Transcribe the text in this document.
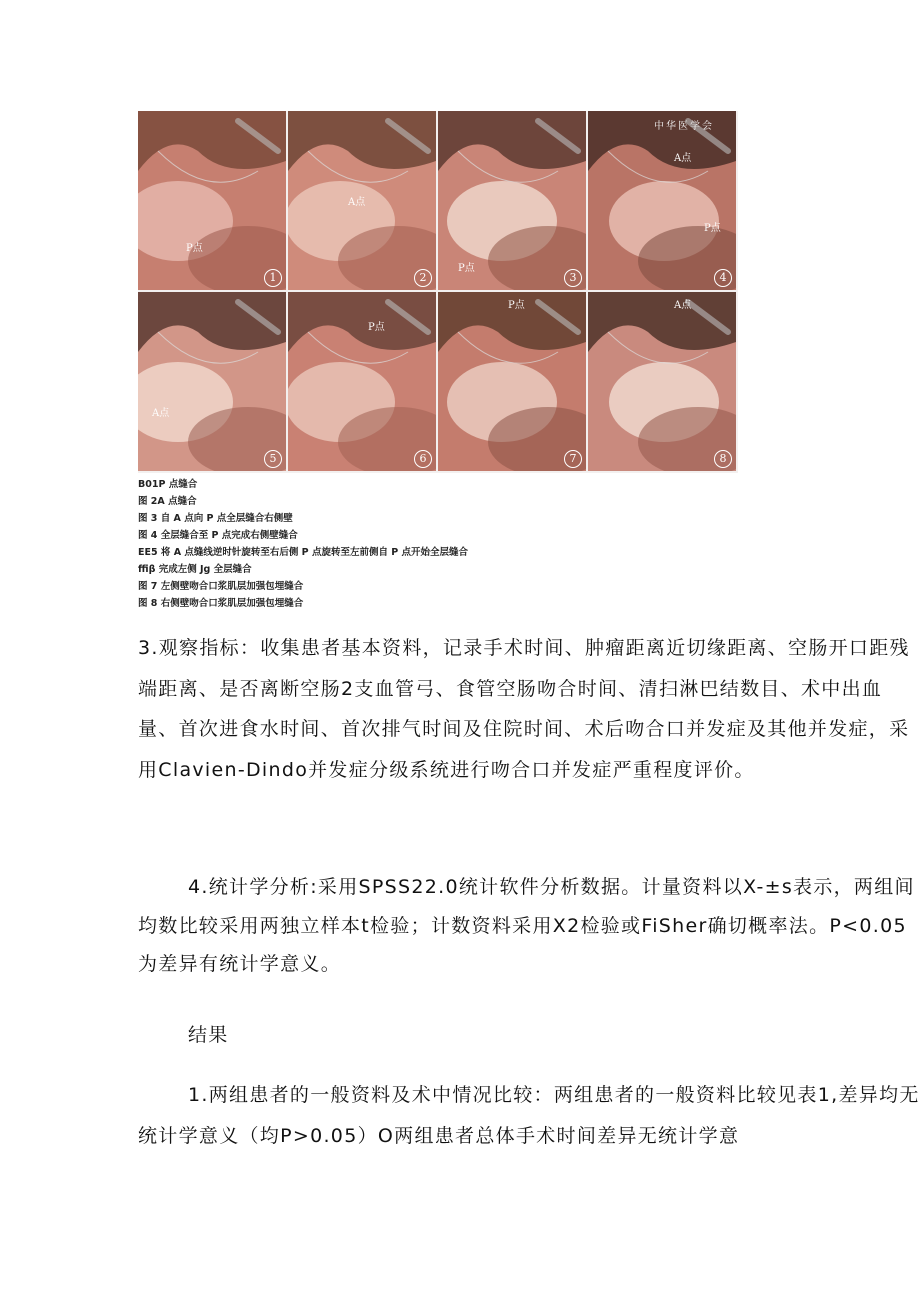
P点
1
A点
2
P点
3
A点
P点
4
中华医学会
A点
5
P点
6
P点
7
A点
8
B01P 点缝合
图 2A 点缝合
图 3 自 A 点向 P 点全层缝合右侧壁
图 4 全层缝合至 P 点完成右侧壁缝合
EE5 将 A 点缝线逆时针旋转至右后侧 P 点旋转至左前侧自 P 点开始全层缝合
ffiβ 完成左侧 Jg 全层缝合
图 7 左侧壁吻合口浆肌层加强包埋缝合
图 8 右侧壁吻合口浆肌层加强包埋缝合
3.观察指标：收集患者基本资料，记录手术时间、肿瘤距离近切缘距离、空肠开口距残端距离、是否离断空肠2支血管弓、食管空肠吻合时间、清扫淋巴结数目、术中出血量、首次进食水时间、首次排气时间及住院时间、术后吻合口并发症及其他并发症，采用Clavien-Dindo并发症分级系统进行吻合口并发症严重程度评价。
4.统计学分析:采用SPSS22.0统计软件分析数据。计量资料以X-±s表示，两组间均数比较采用两独立样本t检验；计数资料采用X2检验或FiSher确切概率法。P<0.05为差异有统计学意义。
结果
1.两组患者的一般资料及术中情况比较：两组患者的一般资料比较见表1,差异均无统计学意义（均P>0.05）O两组患者总体手术时间差异无统计学意
